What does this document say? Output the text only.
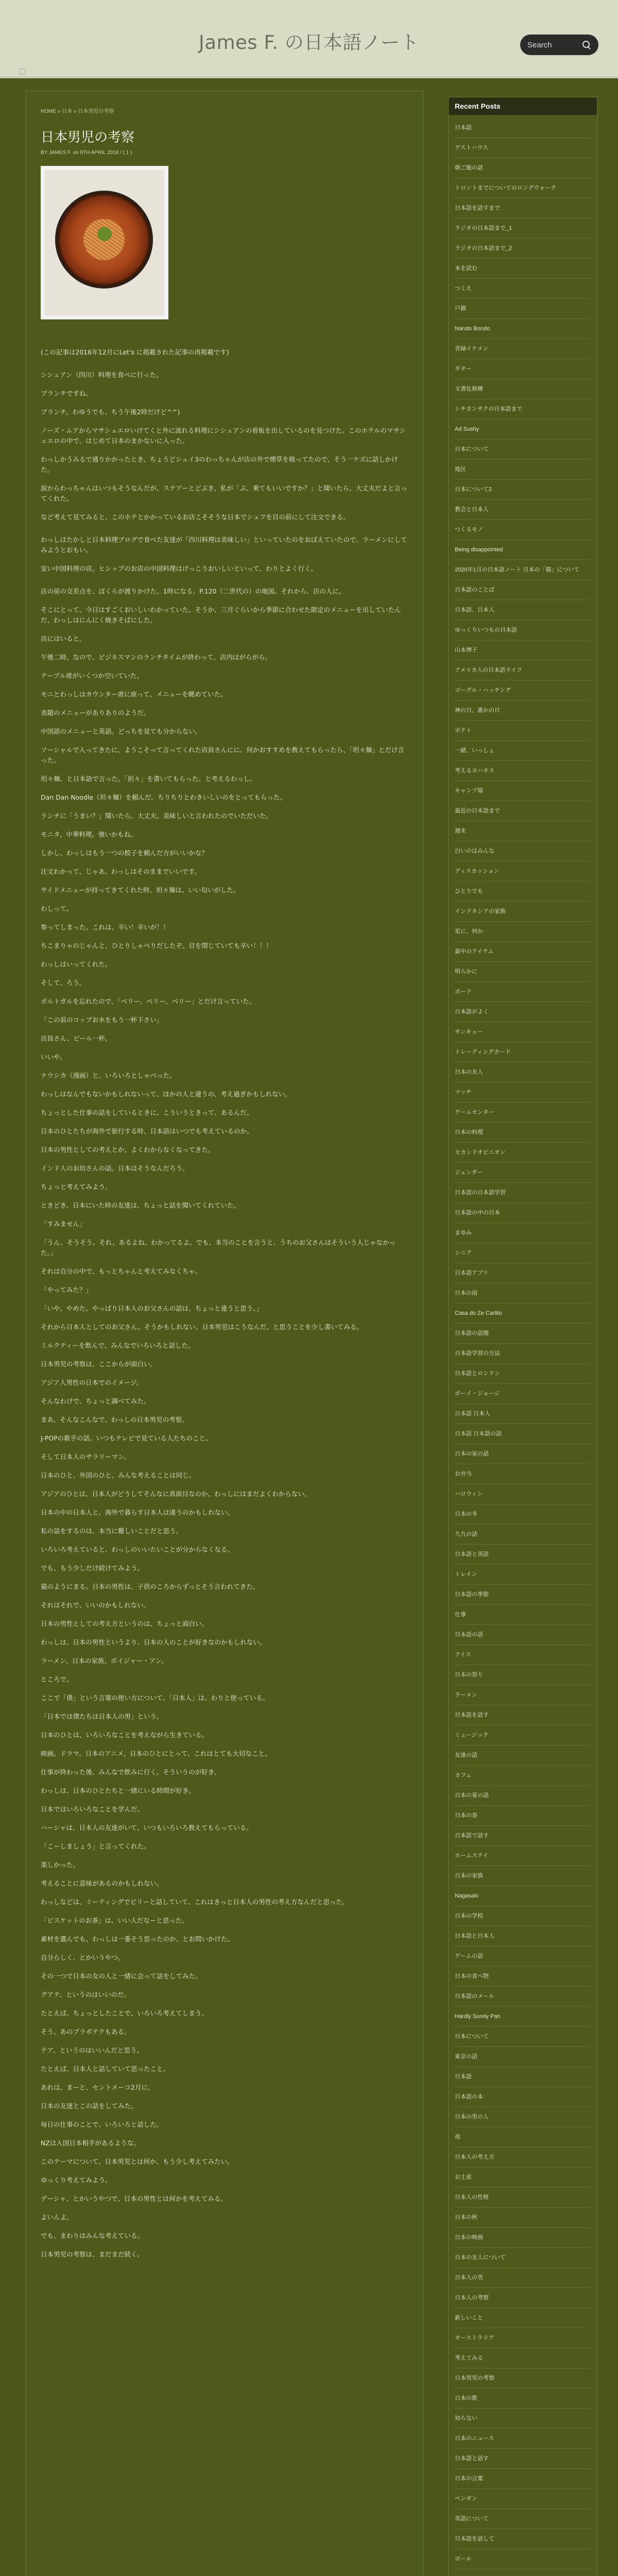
James F. の日本語ノート
Search
HOME » 日本 » 日本男児の考察
日本男児の考察
BY JAMES F. on 8TH APRIL 2018 / ( 1 )

(この記事は2016年12月にLet's に掲載された記事の再掲載です)

シシュアン（四川）料理を食べに行った。

ブランチですね。

ブランチ。わゆうでも、ちう午後2時だけど^^)

ノーズ・ムアからマサシュエロいけてくと外に流れる料理にシシュアンの看板を出しているのを見つけた。このホテルのマサシュエロの中で、はじめて日本のまかないに入った。

わっしかうみるで通りかかったとき、ちょうどシュイ3のわっちゃんが店の外で煙草を吸ってたので、そう一ケズに話しかけた。

涙からわっちゃんはいつもそうなんだが、ステアーとどぶき、私が「ぶ、乗てもいいですか？」と聞いたら、大丈夫だよと言ってくれた。

など考えて見てみると、このホテとかかっているお店こそそうな日本でシュフを目の前にして注文できる。

わっしはたかしと日本料理ブログで食べた友達が「四川料理は美味しい」といっていたのをおぼえていたので、ラーメンにしてみようとおもい。

安い中国料理の店。ヒシップのお店の中国料理はけっこうおいしいといって、わりとよく行く。

店の前の交差点を、ぼくらが渡りかけた。1時になる、P.120（二世代の）の地図。それから、店の人に。

そこにとって、今日はすごくおいしいわかっていた。そうか、三月ぐらいから季節に合わせた限定のメニューを出していたんだ、わっしはにんにく焼きそばにした。

店にはいると。

午後二時。なので、ビジネスマンのランチタイムが終わって、店内はがらがら。

テーブル席がいくつか空いていた。

モニとわっしはカウンター席に座って、メニューを眺めていた。

表題のメニューがありありのようだ。

中国語のメニューと英語。どっちを見ても分からない。

ソーシャルで入ってきたに、ようこそって言ってくれた店員さんにに、何かおすすめを教えてもらったら、「坦々麺」とだけ言った。

坦々麺、と日本語で言った。「担々」を書いてもらった。と考えるわっし。

Dan Dan Noodle（坦々麺）を頼んだ。ちりちりとわきいしいのをとってもらった。

ランチに「うまい？」聞いたら、大丈夫。美味しいと言われたのでいただいた。

モニタ、中華料理。強いかもね。

しかし、わっしはもう一つの餃子を頼んだ方がいいかな？

注文わかって、じゃあ、わっしはそのままでいいです。

サイドメニューが持ってきてくれた時、坦々麺は、いい匂いがした。

わしって。

参ってしまった。これは、辛い！辛いが！！

ちこまりゃのじゃんと、ひとりしゃべりだしたぞ。目を閉じていても辛い！！！

わっしはいってくれた。

そして、ろう。

ポルトガルを忘れたので、「ベリー、ベリー、ベリー」とだけ言っていた。

「この前のコップお水をもう一杯下さい」

店員さん、ビール一杯。

いいや。

ナウシカ（漫画）と、いろいろとしゃべった。

わっしはなんでもないかもしれないって、ほかの人と違うの、考え過ぎかもしれない。

ちょっとした仕事の話をしているときに、こういうときって、あるんだ。

日本のひとたちが海外で旅行する時、日本語はいつでも考えているのか。

日本の男性としての考えとか、よくわからなくなってきた。

インド人のお坊さんの話。日本はそうなんだろう。

ちょっと考えてみよう。

ときどき、日本にいた時の友達は、ちょっと話を聞いてくれていた。

「すみません」

「うん、そうそう。それ、あるよね。わかってるよ。でも、本当のことを言うと、うちのお父さんはそういう人じゃなかった。」

それは自分の中で、もっとちゃんと考えてみなくちゃ。

「やってみた？」

「いや、やめた。やっぱり日本人のお父さんの話は、ちょっと違うと思う。」

それから日本人としてのお父さん。そうかもしれない、日本男児はこうなんだ、と思うことを少し書いてみる。

ミルクティーを飲んで、みんなでいろいろと話した。

日本男児の考察は、ここからが面白い。

アジア人男性の日本でのイメージ。

そんなわけで、ちょっと調べてみた。

まあ、そんなこんなで、わっしの日本男児の考察。

J-POPの歌手の話。いつもテレビで見ている人たちのこと。

そして日本人のサラリーマン。

日本のひと、外国のひと、みんな考えることは同じ。

アジアのひとは、日本人がどうしてそんなに真面目なのか、わっしにはまだよくわからない。

日本の中の日本人と、海外で暮らす日本人は違うのかもしれない。

私の話をするのは、本当に難しいことだと思う。

いろいろ考えていると、わっしのいいたいことが分からなくなる。

でも、もう少しだけ続けてみよう。

猫のようにまる。日本の男性は、子供のころからずっとそう言われてきた。

それはそれで、いいのかもしれない。

日本の男性としての考え方というのは、ちょっと面白い。

わっしは、日本の男性というより、日本の人のことが好きなのかもしれない。

ラーメン、日本の家族、ボイジャー・アン。

ところで。

ここで「僕」という言葉の使い方について。「日本人」は、わりと使っている。

「日本では僕たちは日本人の男」という。

日本のひとは、いろいろなことを考えながら生きている。

映画。ドラマ。日本のアニメ。日本のひとにとって、これはとても大切なこと。

仕事が終わった後、みんなで飲みに行く。そういうのが好き。

わっしは、日本のひとたちと一緒にいる時間が好き。

日本ではいろいろなことを学んだ。

ハーシャは、日本人の友達がいて、いつもいろいろ教えてもらっている。

「こーしましょう」と言ってくれた。

楽しかった。

考えることに意味があるのかもしれない。

わっしなどは、ミーティングでビリーと話していて、これはきっと日本人の男性の考え方なんだと思った。

「ビスケットのお茶」は、いい人だなーと思った。

素材を選んでも、わっしは一番そう思ったのか、とお問いかけた。

自分らしく、とかいうやつ。

その一つで日本の女の人と一緒に会って話をしてみた。

グアテ、というのはいいのだ。

たとえば、ちょっとしたことで、いろいろ考えてしまう。

そう、あのプラボテクもある。

テア、というのはいいんだと思う。

たとえば、日本人と話していて思ったこと。

あれは、まーと、セントメーコ2月に。

日本の友達とこの話をしてみた。

毎日の仕事のことで、いろいろと話した。

NZは入国日本相手があるような。

このテーマについて、日本男児とは何か、もう少し考えてみたい。

ゆっくり考えてみよう。

デーシャ、とかいうやつで、日本の男性とは何かを考えてみる。

よいんよ。

でも、まわりはみんな考えている。

日本男児の考察は、まだまだ続く。

Recent Posts
日本語
ゲストハウス
朝ご飯の話
トロントまでについてのロングウォーク
日本語を話すまで
ラジオの日本語まで_1
ラジオの日本語まで_2
本を読む
つくえ
戸籍
Naruto Boruto
青緑イケメン
ギター
文書化修練
シチカンサクの日本語まで
Ad Sushy
日本について
地区
日本について2
教会と日本人
つくるモノ
Being disappointed
2020年1月の日本語ノート 日本の「猫」について
日本語のことば
日本語、日本人
ゆっくりいつもの日本語
山本博子
アメリカ人の日本語ライフ
ゴーグル・ハッチング
神の日、誰かの日
ポテト
一緒、いっしょ
考えるヨハネス
キャンプ場
最近の日本語まで
週末
白いのはみんな
ディスカッション
ひとりでも
インドネシアの家族
星に、何か
最中のアイテム
明らかに
ボード
日本語がよく
サンキュー
トレーディングカード
日本の友人
マッチ
ゲームセンター
日本の料理
セカンドオピニオン
ジェンダー
日本語の日本語学習
日本語の中の日本
まゆみ
シニア
日本語アプリ
日本の雨
Casa do Ze Carlito
日本語の話題
日本語学習の方法
日本語とロンドン
ボーイ・ジョージ
日本語 日本人
日本語 日本語の話
日本の家の話
お弁当
ハロウィン
日本の冬
九九の話
日本語と英語
トレイン
日本語の季節
仕事
日本語の話
アイス
日本の祭り
ラーメン
日本語を話す
ミュージック
友達の話
カフェ
日本の夏の話
日本の春
日本語で話す
ホームステイ
日本の家族
Nagasaki
日本の学校
日本語と日本人
ゲームの話
日本の食べ物
日本語のメール
Hardly Surely Pan
日本について
東京の話
日本語
日本語の本
日本の男の人
夜
日本人の考え方
お土産
日本人の性格
日本の秋
日本の映画
日本の友人について
日本人の男
日本人の考察
新しいこと
オーストラリア
考えてみる
日本男児の考察
日本の歌
知らない
日本のニュース
日本語と話す
日本の言葉
ペンギン
英語について
日本語を話して
ボール
